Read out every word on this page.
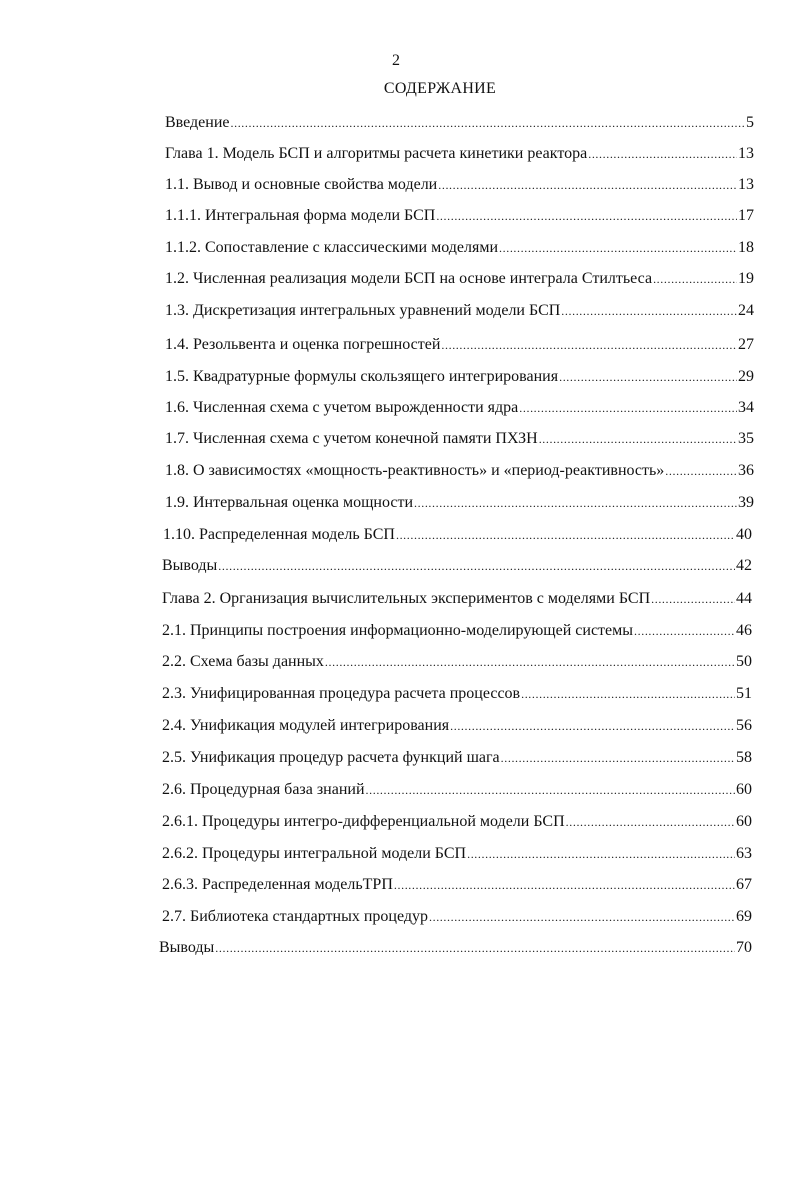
2
СОДЕРЖАНИЕ
Введение .....	5
Глава 1. Модель БСП и алгоритмы расчета кинетики реактора .....	13
1.1. Вывод и основные свойства модели .....	13
1.1.1. Интегральная форма модели БСП .....	17
1.1.2. Сопоставление с классическими моделями .....	18
1.2. Численная реализация модели БСП на основе интеграла Стилтьеса .....	19
1.3. Дискретизация интегральных уравнений модели БСП .....	24
1.4. Резольвента и оценка погрешностей .....	27
1.5. Квадратурные формулы скользящего интегрирования .....	29
1.6. Численная схема с учетом вырожденности ядра .....	34
1.7. Численная схема с учетом конечной памяти ПХЗН .....	35
1.8. О зависимостях «мощность-реактивность» и «период-реактивность» .....	36
1.9. Интервальная оценка мощности .....	39
1.10. Распределенная модель БСП .....	40
Выводы .....	42
Глава 2. Организация вычислительных экспериментов с моделями БСП .....	44
2.1. Принципы построения информационно-моделирующей системы .....	46
2.2. Схема базы данных .....	50
2.3. Унифицированная процедура расчета процессов .....	51
2.4. Унификация модулей интегрирования .....	56
2.5. Унификация процедур расчета функций шага .....	58
2.6. Процедурная база знаний .....	60
2.6.1. Процедуры интегро-дифференциальной модели БСП .....	60
2.6.2. Процедуры интегральной модели БСП .....	63
2.6.3. Распределенная модельТРП .....	67
2.7. Библиотека стандартных процедур .....	69
Выводы .....	70
